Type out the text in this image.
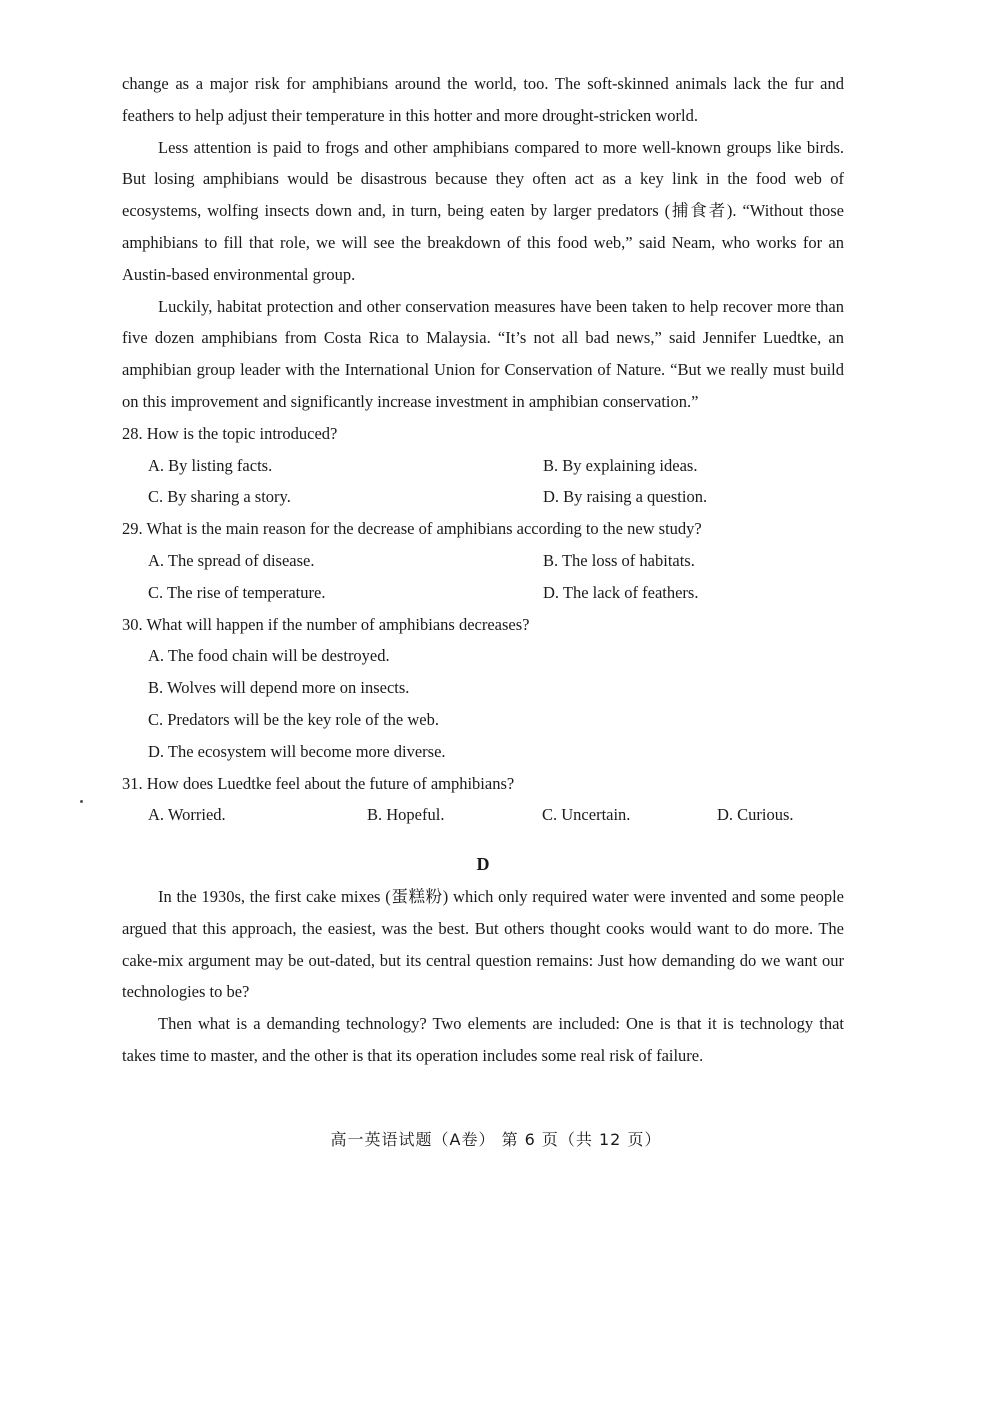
change as a major risk for amphibians around the world, too. The soft-skinned animals lack the fur and feathers to help adjust their temperature in this hotter and more drought-stricken world.

Less attention is paid to frogs and other amphibians compared to more well-known groups like birds. But losing amphibians would be disastrous because they often act as a key link in the food web of ecosystems, wolfing insects down and, in turn, being eaten by larger predators (捕食者). “Without those amphibians to fill that role, we will see the breakdown of this food web,” said Neam, who works for an Austin-based environmental group.

Luckily, habitat protection and other conservation measures have been taken to help recover more than five dozen amphibians from Costa Rica to Malaysia. “It’s not all bad news,” said Jennifer Luedtke, an amphibian group leader with the International Union for Conservation of Nature. “But we really must build on this improvement and significantly increase investment in amphibian conservation.”

28. How is the topic introduced?

A. By listing facts.	B. By explaining ideas.
C. By sharing a story.	D. By raising a question.

29. What is the main reason for the decrease of amphibians according to the new study?

A. The spread of disease.	B. The loss of habitats.
C. The rise of temperature.	D. The lack of feathers.

30. What will happen if the number of amphibians decreases?

A. The food chain will be destroyed.
B. Wolves will depend more on insects.
C. Predators will be the key role of the web.
D. The ecosystem will become more diverse.

31. How does Luedtke feel about the future of amphibians?

A. Worried.	B. Hopeful.	C. Uncertain.	D. Curious.
D

In the 1930s, the first cake mixes (蛋糕粉) which only required water were invented and some people argued that this approach, the easiest, was the best. But others thought cooks would want to do more. The cake-mix argument may be out-dated, but its central question remains: Just how demanding do we want our technologies to be?

Then what is a demanding technology? Two elements are included: One is that it is technology that takes time to master, and the other is that its operation includes some real risk of failure.

高一英语试题（A卷） 第 6 页（共 12 页）
